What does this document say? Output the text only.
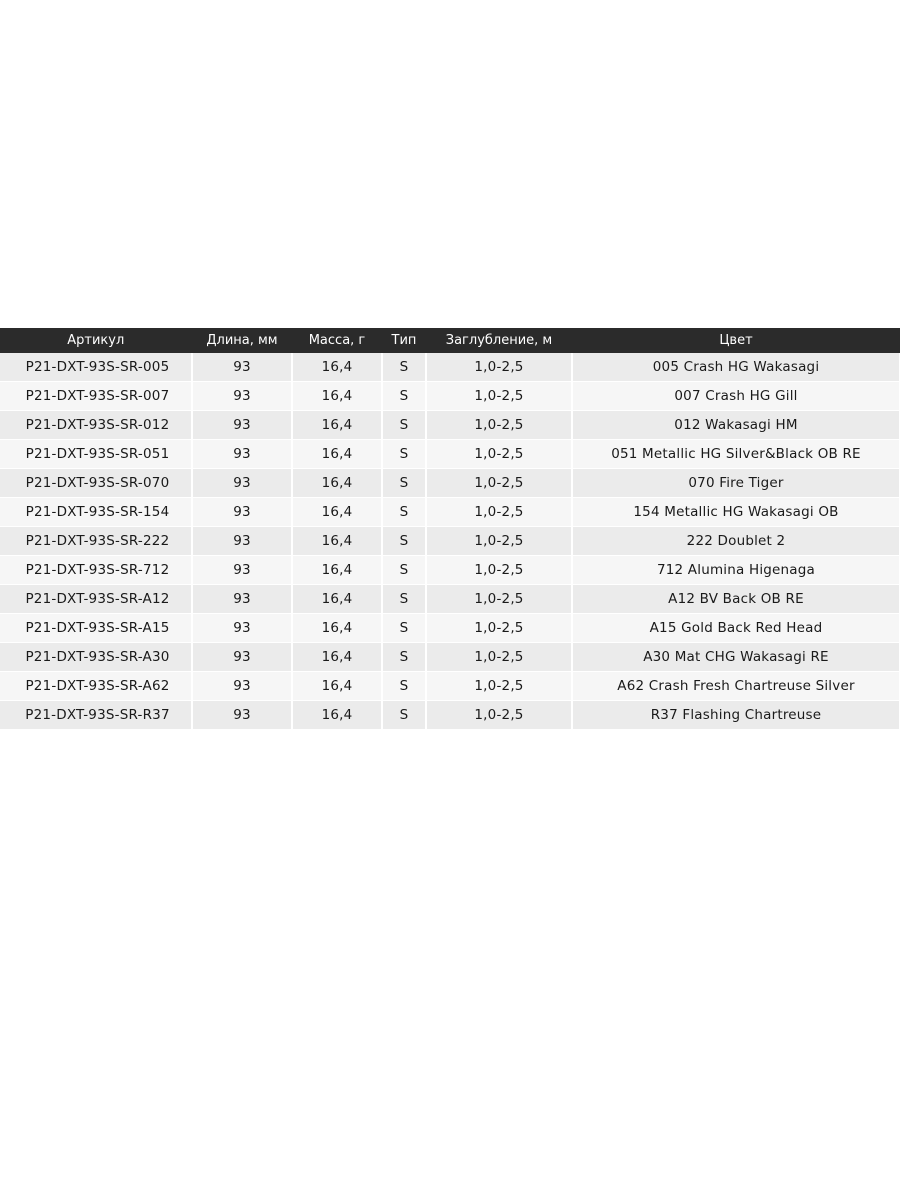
Артикул	Длина, мм	Масса, г	Тип	Заглубление, м	Цвет
P21-DXT-93S-SR-005	93	16,4	S	1,0-2,5	005 Crash HG Wakasagi
P21-DXT-93S-SR-007	93	16,4	S	1,0-2,5	007 Crash HG Gill
P21-DXT-93S-SR-012	93	16,4	S	1,0-2,5	012 Wakasagi HM
P21-DXT-93S-SR-051	93	16,4	S	1,0-2,5	051 Metallic HG Silver&Black OB RE
P21-DXT-93S-SR-070	93	16,4	S	1,0-2,5	070 Fire Tiger
P21-DXT-93S-SR-154	93	16,4	S	1,0-2,5	154 Metallic HG Wakasagi OB
P21-DXT-93S-SR-222	93	16,4	S	1,0-2,5	222 Doublet 2
P21-DXT-93S-SR-712	93	16,4	S	1,0-2,5	712 Alumina Higenaga
P21-DXT-93S-SR-A12	93	16,4	S	1,0-2,5	A12 BV Back OB RE
P21-DXT-93S-SR-A15	93	16,4	S	1,0-2,5	A15 Gold Back Red Head
P21-DXT-93S-SR-A30	93	16,4	S	1,0-2,5	A30 Mat CHG Wakasagi RE
P21-DXT-93S-SR-A62	93	16,4	S	1,0-2,5	A62 Crash Fresh Chartreuse Silver
P21-DXT-93S-SR-R37	93	16,4	S	1,0-2,5	R37 Flashing Chartreuse
